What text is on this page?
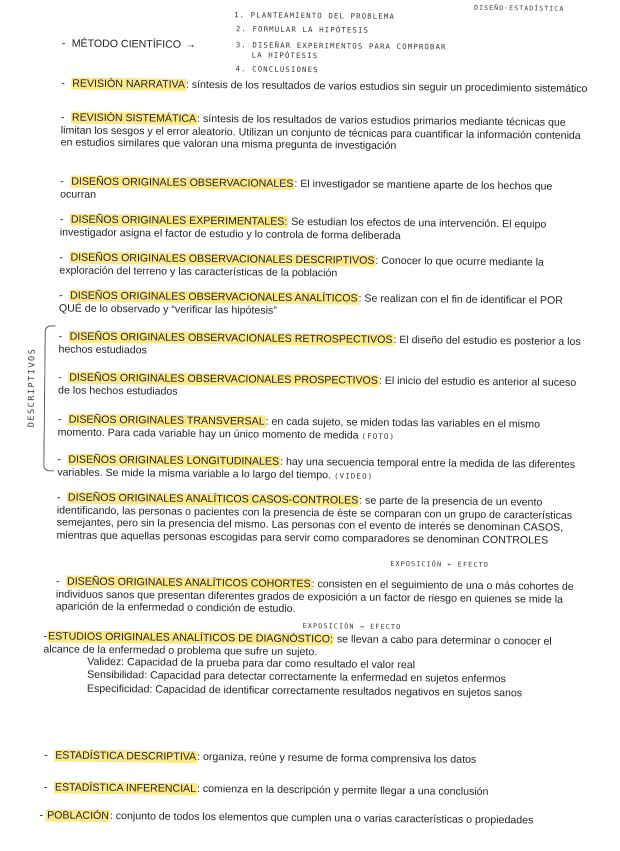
DISEÑO·ESTADÍSTICA
- MÉTODO CIENTÍFICO →
1. PLANTEAMIENTO DEL PROBLEMA
2. FORMULAR LA HIPÓTESIS
3. DISEÑAR EXPERIMENTOS PARA COMPROBAR
LA HIPÓTESIS
4. CONCLUSIONES
- REVISIÓN NARRATIVA: síntesis de los resultados de varios estudios sin seguir un procedimiento sistemático
- REVISIÓN SISTEMÁTICA: síntesis de los resultados de varios estudios primarios mediante técnicas que limitan los sesgos y el error aleatorio. Utilizan un conjunto de técnicas para cuantificar la información contenida en estudios similares que valoran una misma pregunta de investigación
- DISEÑOS ORIGINALES OBSERVACIONALES: El investigador se mantiene aparte de los hechos que ocurran
- DISEÑOS ORIGINALES EXPERIMENTALES: Se estudian los efectos de una intervención. El equipo investigador asigna el factor de estudio y lo controla de forma deliberada
- DISEÑOS ORIGINALES OBSERVACIONALES DESCRIPTIVOS: Conocer lo que ocurre mediante la exploración del terreno y las características de la población
- DISEÑOS ORIGINALES OBSERVACIONALES ANALÍTICOS: Se realizan con el fin de identificar el POR QUÉ de lo observado y “verificar las hipótesis”
DESCRIPTIVOS
- DISEÑOS ORIGINALES OBSERVACIONALES RETROSPECTIVOS: El diseño del estudio es posterior a los hechos estudiados
- DISEÑOS ORIGINALES OBSERVACIONALES PROSPECTIVOS: El inicio del estudio es anterior al suceso de los hechos estudiados
- DISEÑOS ORIGINALES TRANSVERSAL: en cada sujeto, se miden todas las variables en el mismo momento. Para cada variable hay un único momento de medida (FOTO)
- DISEÑOS ORIGINALES LONGITUDINALES: hay una secuencia temporal entre la medida de las diferentes variables. Se mide la misma variable a lo largo del tiempo. (VIDEO)
- DISEÑOS ORIGINALES ANALÍTICOS CASOS-CONTROLES: se parte de la presencia de un evento identificando, las personas o pacientes con la presencia de éste se comparan con un grupo de características semejantes, pero sin la presencia del mismo. Las personas con el evento de interés se denominan CASOS, mientras que aquellas personas escogidas para servir como comparadores se denominan CONTROLES
EXPOSICIÓN ← EFECTO
- DISEÑOS ORIGINALES ANALÍTICOS COHORTES: consisten en el seguimiento de una o más cohortes de individuos sanos que presentan diferentes grados de exposición a un factor de riesgo en quienes se mide la aparición de la enfermedad o condición de estudio.
EXPOSICIÓN → EFECTO
-ESTUDIOS ORIGINALES ANALÍTICOS DE DIAGNÓSTICO: se llevan a cabo para determinar o conocer el alcance de la enfermedad o problema que sufre un sujeto.
Validez: Capacidad de la prueba para dar como resultado el valor real
Sensibilidad: Capacidad para detectar correctamente la enfermedad en sujetos enfermos
Especificidad: Capacidad de identificar correctamente resultados negativos en sujetos sanos
- ESTADÍSTICA DESCRIPTIVA: organiza, reúne y resume de forma comprensiva los datos
- ESTADÍSTICA INFERENCIAL: comienza en la descripción y permite llegar a una conclusión
- POBLACIÓN: conjunto de todos los elementos que cumplen una o varias características o propiedades
